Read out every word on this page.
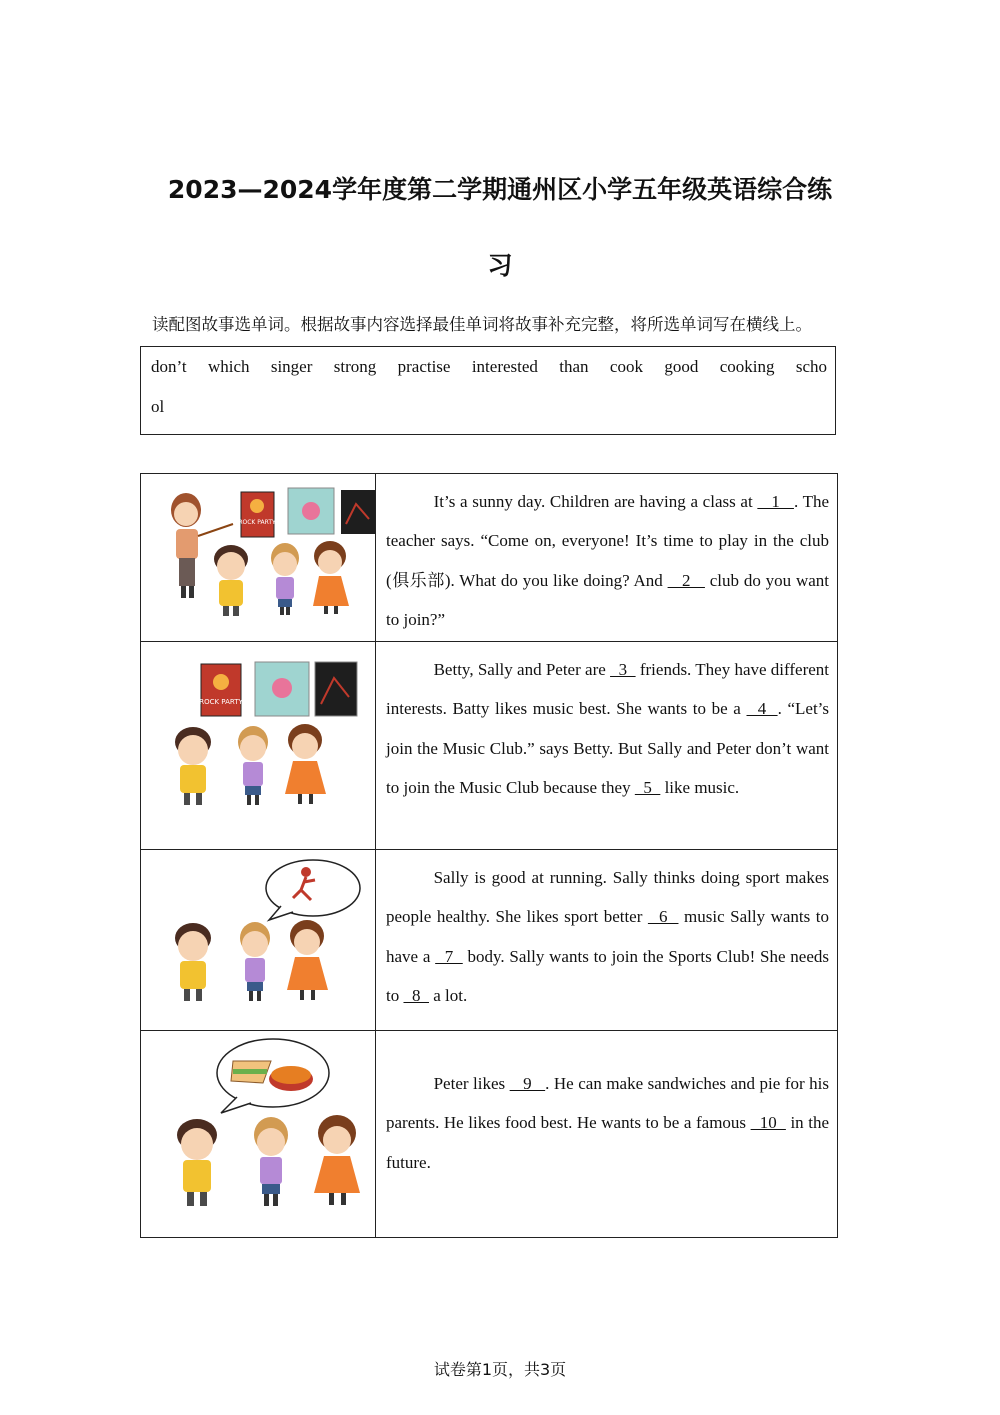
2023—2024学年度第二学期通州区小学五年级英语综合练
习
读配图故事选单词。根据故事内容选择最佳单词将故事补充完整，将所选单词写在横线上。
don’t which singer strong practise interested than cook good cooking scho
ol
ROCK PARTY	It’s a sunny day. Children are having a class at    1   . The teacher says. “Come on, everyone! It’s time to play in the club (俱乐部). What do you like doing? And    2    club do you want to join?”

ROCK PARTY	Betty, Sally and Peter are   3   friends. They have different interests. Batty likes music best. She wants to be a   4  . “Let’s join the Music Club.” says Betty. But Sally and Peter don’t want to join the Music Club because they   5   like music.

Sally is good at running. Sally thinks doing sport makes people healthy. She likes sport better   6   music Sally wants to have a   7   body. Sally wants to join the Sports Club! She needs to   8   a lot.

Peter likes    9   . He can make sandwiches and pie for his parents. He likes food best. He wants to be a famous   10   in the future.
试卷第1页，共3页
